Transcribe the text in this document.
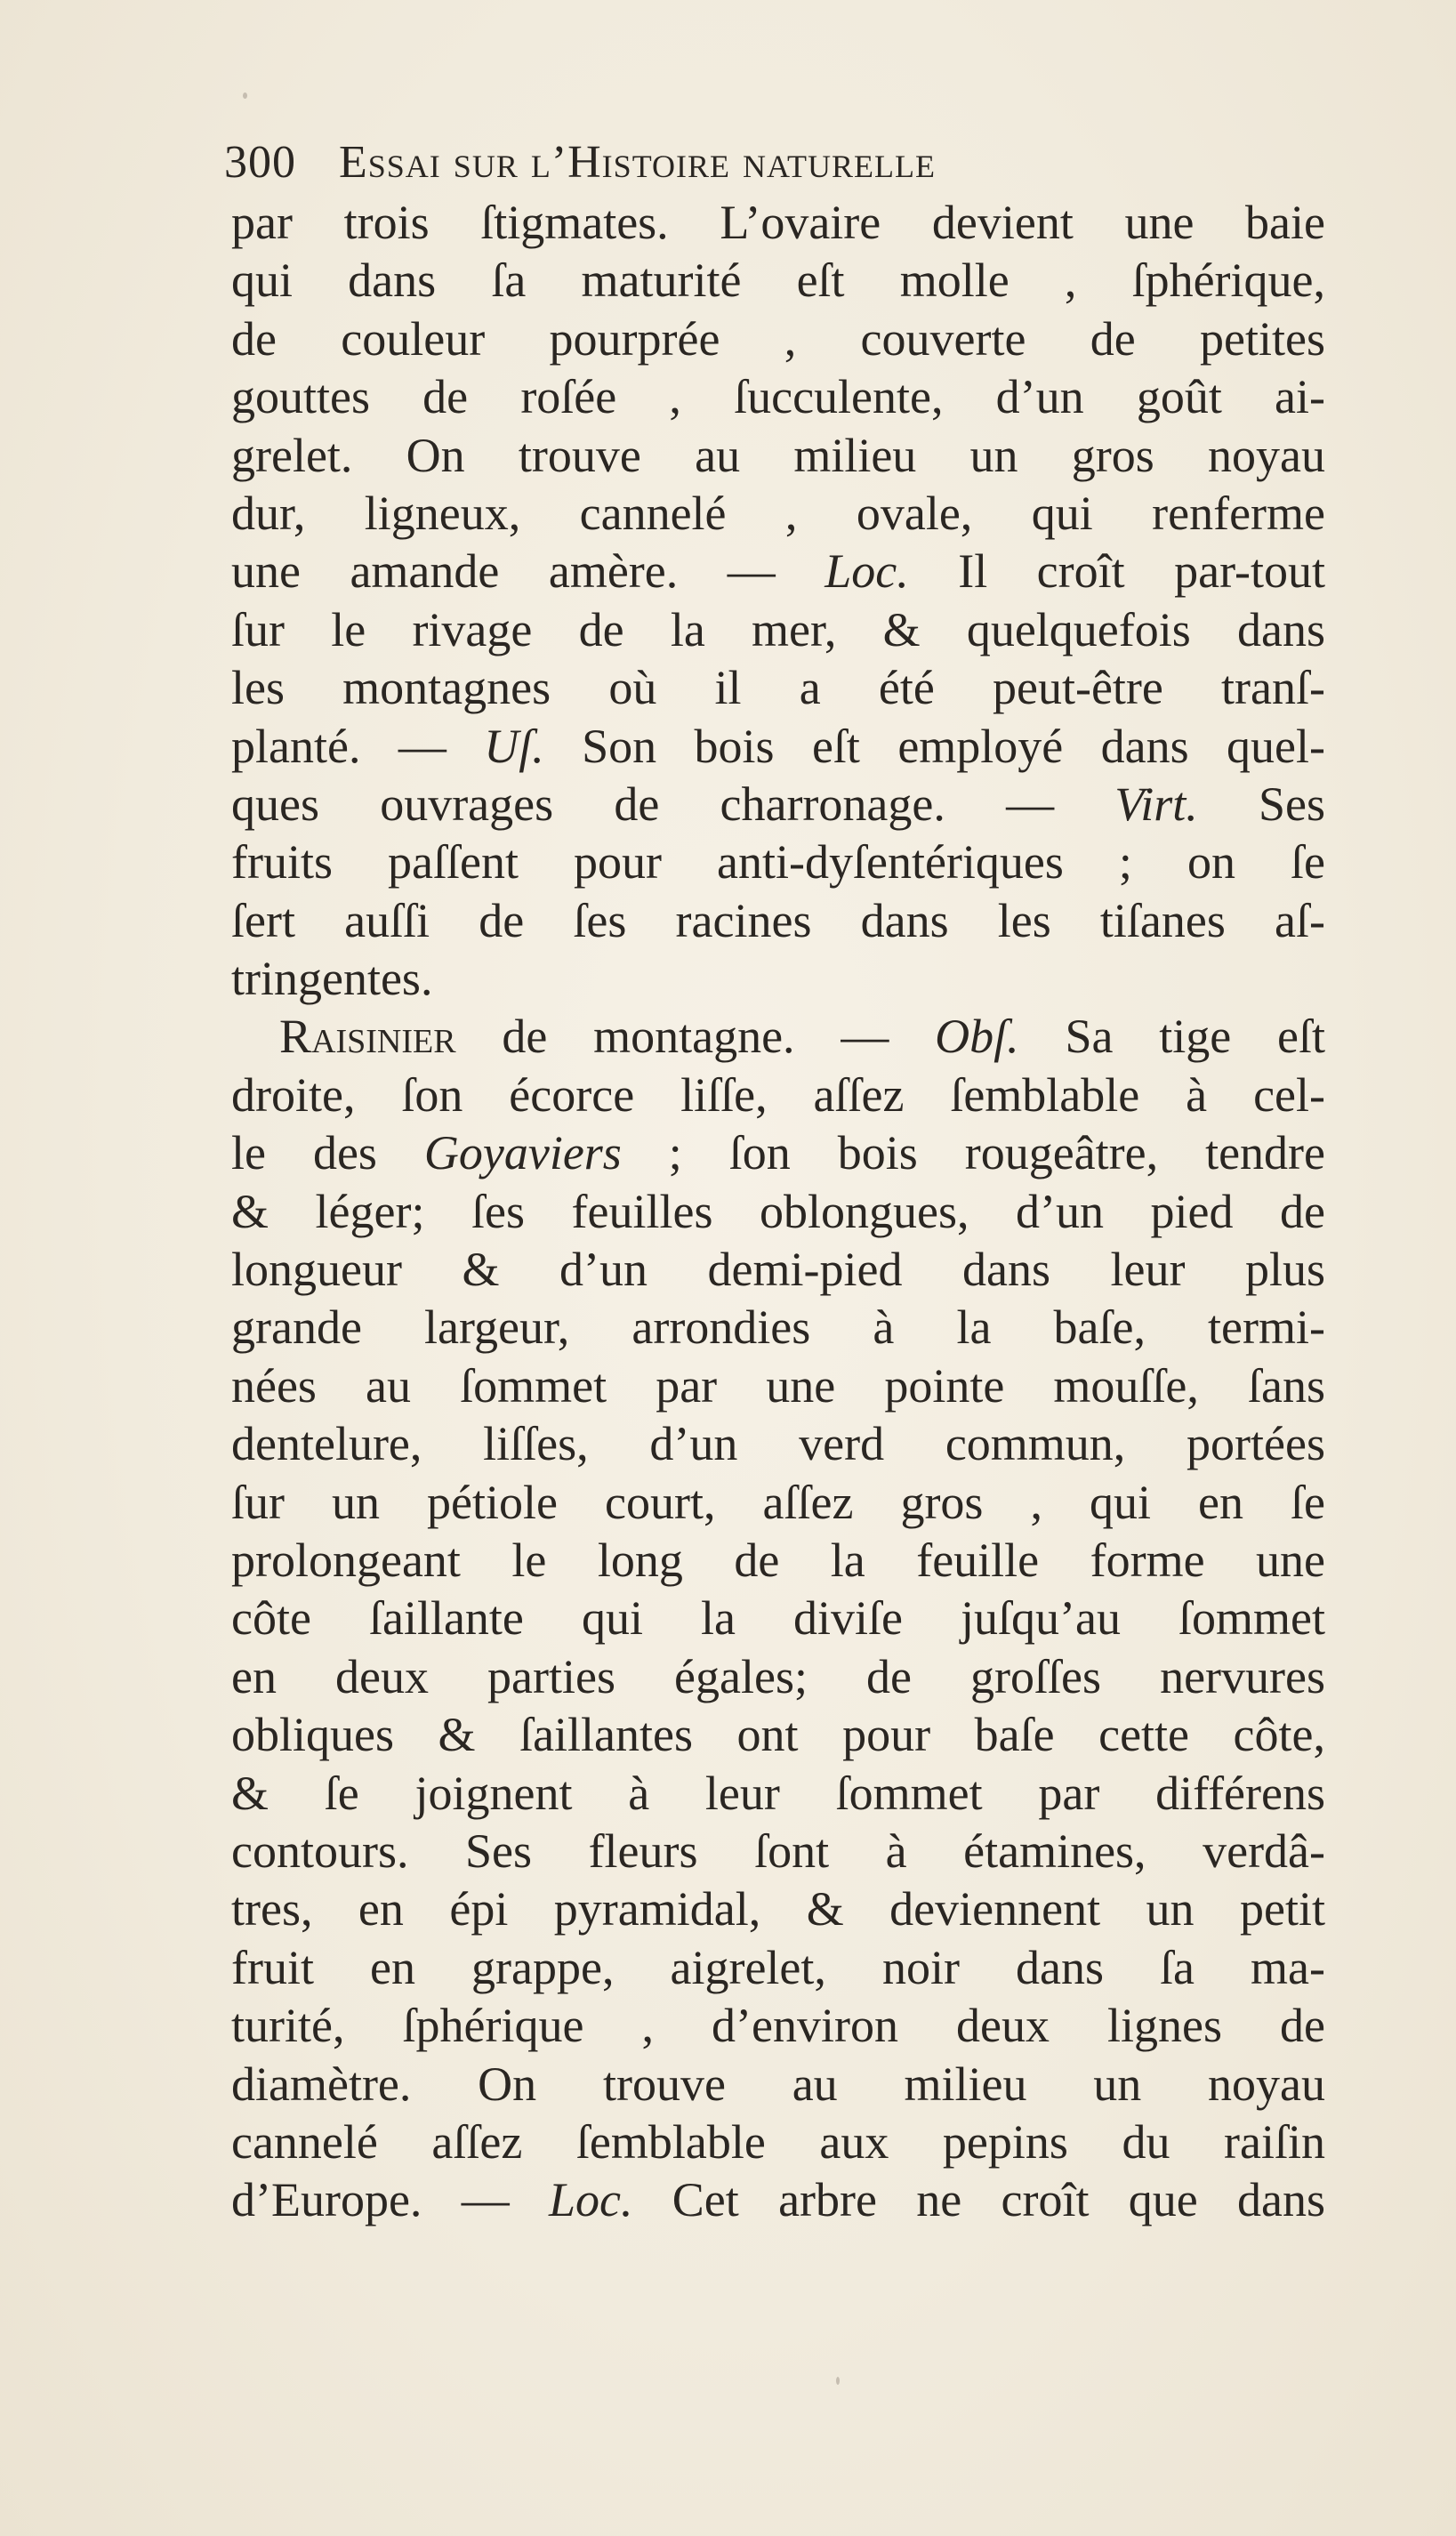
300 Essai sur l’Histoire naturelle
par trois ſtigmates. L’ovaire devient une baie
qui dans ſa maturité eſt molle , ſphérique,
de couleur pourprée , couverte de petites
gouttes de roſée , ſucculente, d’un goût ai-
grelet. On trouve au milieu un gros noyau
dur, ligneux, cannelé , ovale, qui renferme
une amande amère. — Loc. Il croît par-tout
ſur le rivage de la mer, & quelquefois dans
les montagnes où il a été peut-être tranſ-
planté. — Uſ. Son bois eſt employé dans quel-
ques ouvrages de charronage. — Virt. Ses
fruits paſſent pour anti-dyſentériques ; on ſe
ſert auſſi de ſes racines dans les tiſanes aſ-
tringentes.
Raisinier de montagne. — Obſ. Sa tige eſt
droite, ſon écorce liſſe, aſſez ſemblable à cel-
le des Goyaviers ; ſon bois rougeâtre, tendre
& léger; ſes feuilles oblongues, d’un pied de
longueur & d’un demi-pied dans leur plus
grande largeur, arrondies à la baſe, termi-
nées au ſommet par une pointe mouſſe, ſans
dentelure, liſſes, d’un verd commun, portées
ſur un pétiole court, aſſez gros , qui en ſe
prolongeant le long de la feuille forme une
côte ſaillante qui la diviſe juſqu’au ſommet
en deux parties égales; de groſſes nervures
obliques & ſaillantes ont pour baſe cette côte,
& ſe joignent à leur ſommet par différens
contours. Ses fleurs ſont à étamines, verdâ-
tres, en épi pyramidal, & deviennent un petit
fruit en grappe, aigrelet, noir dans ſa ma-
turité, ſphérique , d’environ deux lignes de
diamètre. On trouve au milieu un noyau
cannelé aſſez ſemblable aux pepins du raiſin
d’Europe. — Loc. Cet arbre ne croît que dans
